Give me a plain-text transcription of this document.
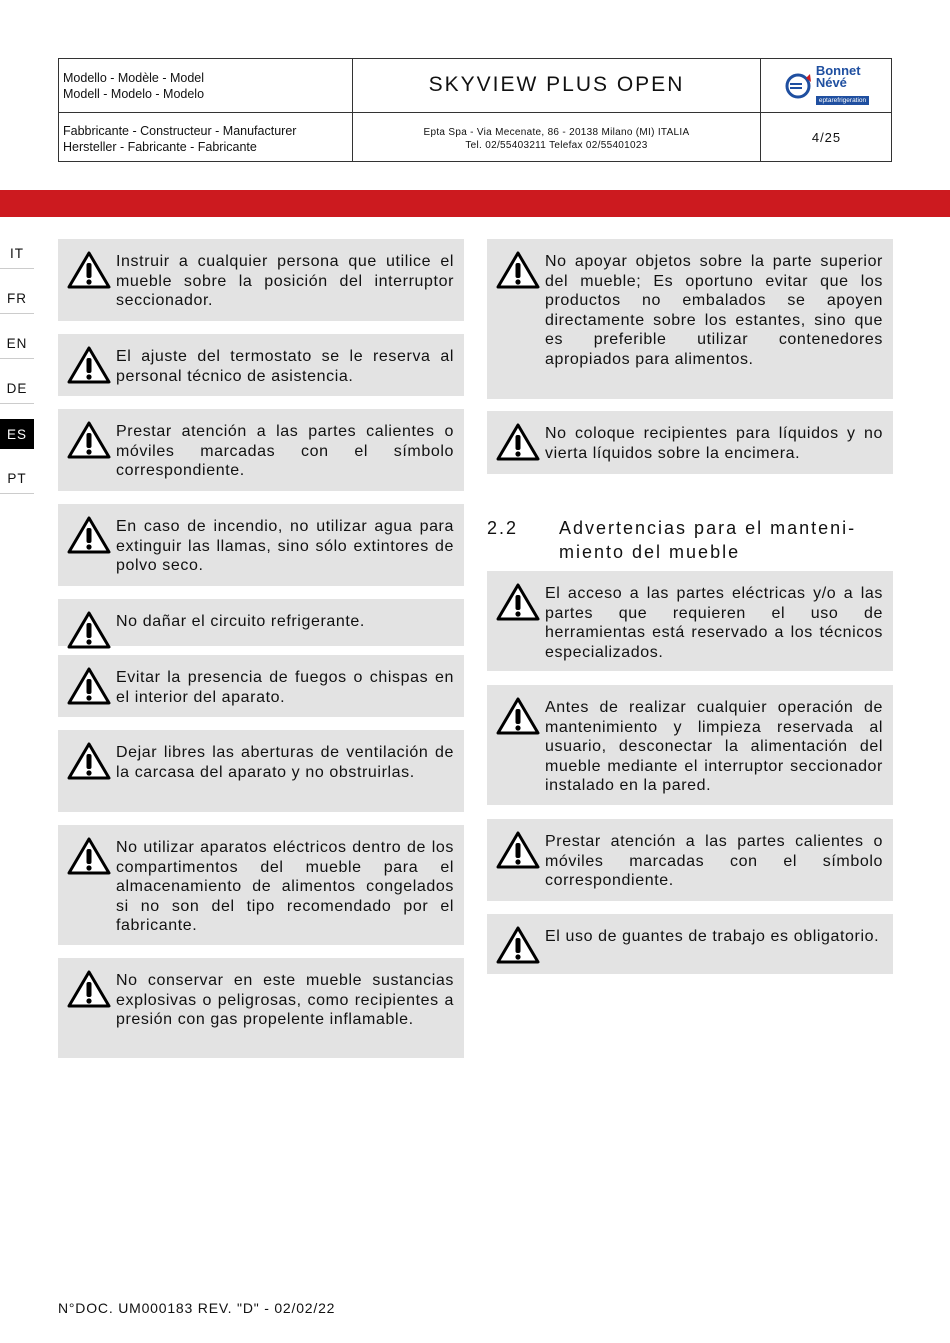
Modello - Modèle - Model
Modell - Modelo - Modelo	SKYVIEW PLUS OPEN
Bonnet
Névé
eptarefrigeration
Fabbricante - Constructeur - Manufacturer
Hersteller - Fabricante - Fabricante
Epta Spa - Via Mecenate, 86 - 20138 Milano (MI) ITALIA
Tel. 02/55403211 Telefax 02/55401023
4/25
IT
FR
EN
DE
ES
PT
Instruir a cualquier persona que utilice el mueble sobre la posición del interruptor seccionador.
El ajuste del termostato se le reserva al personal técnico de asistencia.
Prestar atención a las partes calientes o móviles marcadas con el símbolo correspondiente.
En caso de incendio, no utilizar agua para extinguir las llamas, sino sólo extintores de polvo seco.
No dañar el circuito refrigerante.
Evitar la presencia de fuegos o chispas en el interior del aparato.
Dejar libres las aberturas de ventilación de la carcasa del aparato y no obstruirlas.
No utilizar aparatos eléctricos dentro de los compartimentos del mueble para el almacenamiento de alimentos congelados si no son del tipo recomendado por el fabricante.
No conservar en este mueble sustancias explosivas o peligrosas, como recipientes a presión con gas propelente inflamable.
No apoyar objetos sobre la parte superior del mueble; Es oportuno evitar que los productos no embalados se apoyen directamente sobre los estantes, sino que es preferible utilizar contenedores apropiados para alimentos.
No coloque recipientes para líquidos y no vierta líquidos sobre la encimera.
El acceso a las partes eléctricas y/o a las partes que requieren el uso de herramientas está reservado a los técnicos especializados.
Antes de realizar cualquier operación de mantenimiento y limpieza reservada al usuario, desconectar la alimentación del mueble mediante el interruptor seccionador instalado en la pared.
Prestar atención a las partes calientes o móviles marcadas con el símbolo correspondiente.
El uso de guantes de trabajo es obligatorio.
2.2 Advertencias para el manteni-
miento del mueble
N°DOC. UM000183 REV. "D" - 02/02/22
